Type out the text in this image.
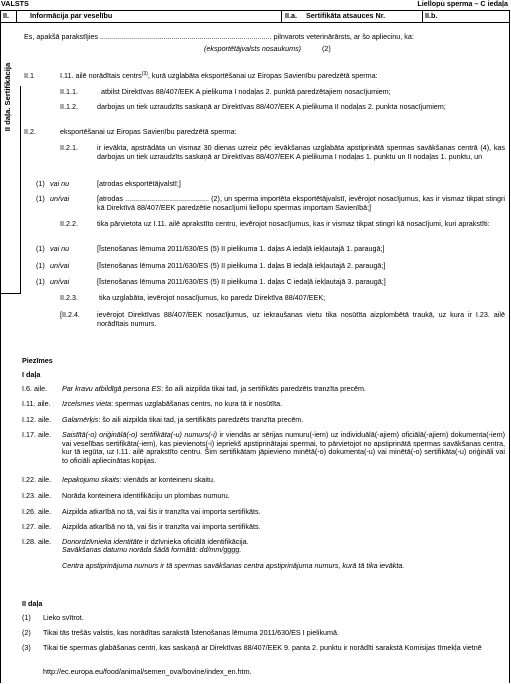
VALSTS	Liellopu sperma – C iedaļa
II.	Informācija par veselību	II.a. Sertifikāta atsauces Nr.	II.b.
II daļa. Sertifikācija
Es, apakšā parakstījies ...................................................................................... pilnvarots veterinārārsts, ar šo apliecinu, ka:
(eksportētājvalsts nosaukums)	(2)
II.1	I.11. ailē norādītais centrs$^{(3)}$, kurā uzglabāta eksportēšanai uz Eiropas Savienību paredzētā sperma:
II.1.1.	atbilst Direktīvas 88/407/EEK A pielikuma I nodaļas 2. punktā paredzētajiem nosacījumiem;
II.1.2.	darbojas un tiek uzraudzīts saskaņā ar Direktīvas 88/407/EEK A pielikuma II nodaļas 2. punkta nosacījumiem;
II.2.	eksportēšanai uz Eiropas Savienību paredzētā sperma:
II.2.1.	ir ievākta, apstrādāta un vismaz 30 dienas uzreiz pēc ievākšanas uzglabāta apstiprinātā spermas savākšanas centrā (4), kas darbojas un tiek uzraudzīts saskaņā ar Direktīvas 88/407/EEK A pielikuma I nodaļas 1. punktu un II nodaļas 1. punktu, un
(1) vai nu	[atrodas eksportētājvalstī;]
(1) un/vai	[atrodas .......................................... (2), un sperma importēta eksportētājvalstī, ievērojot nosacījumus, kas ir vismaz tikpat stingri kā Direktīvā 88/407/EEK paredzētie nosacījumi liellopu spermas importam Savienībā;]
II.2.2.	tika pārvietota uz I.11. ailē aprakstīto centru, ievērojot nosacījumus, kas ir vismaz tikpat stingri kā nosacījumi, kuri aprakstīti:
(1) vai nu	[Īstenošanas lēmuma 2011/630/ES (5) II pielikuma 1. daļas A iedaļā iekļautajā 1. paraugā;]
(1) un/vai	[Īstenošanas lēmuma 2011/630/ES (5) II pielikuma 1. daļas B iedaļā iekļautajā 2. paraugā;]
(1) un/vai	[Īstenošanas lēmuma 2011/630/ES (5) II pielikuma 1. daļas C iedaļā iekļautajā 3. paraugā;]
II.2.3.	tika uzglabāta, ievērojot nosacījumus, ko paredz Direktīva 88/407/EEK;
[II.2.4. ievērojot Direktīvas 88/407/EEK nosacījumus, uz iekraušanas vietu tika nosūtīta aizplombētā traukā, uz kura ir I.23. ailē norādītais numurs.
Piezīmes
I daļa
I.6. aile. Par kravu atbildīgā persona ES: šo aili aizpilda tikai tad, ja sertifikāts paredzēts tranzīta precēm.
I.11. aile. Izcelsmes vieta: spermas uzglabāšanas centrs, no kura tā ir nosūtīta.
I.12. aile. Galamērķis: šo aili aizpilda tikai tad, ja sertifikāts paredzēts tranzīta precēm.
I.17. aile. Saistītā(-o) oriģinālā(-o) sertifikāta(-u) numurs(-i) ir viendās ar sērijas numuru(-iem) uz individuālā(-ajiem) oficiālā(-ajiem) dokumenta(-iem) vai veselības sertifikāta(-iem), kas pievienots(-i) iepriekš apstiprinātajai spermai, to pārvietojot no apstiprinātā spermas savākšanas centra, kur tā iegūta, uz I.11. ailē aprakstīto centru. Šim sertifikātam jāpievieno minētā(-o) dokumenta(-u) vai minētā(-o) sertifikāta(-u) oriģināli vai to oficiāli apliecinātas kopijas.
I.22. aile. Iepakojumu skaits: vienāds ar konteineru skaitu.
I.23. aile. Norāda konteinera identifikāciju un plombas numuru.
I.26. aile. Aizpilda atkarībā no tā, vai šis ir tranzīta vai importa sertifikāts.
I.27. aile. Aizpilda atkarībā no tā, vai šis ir tranzīta vai importa sertifikāts.
I.28. aile. Donordzīvnieka identitāte ir dzīvnieka oficiālā identifikācija.
Savākšanas datumu norāda šādā formātā: dd/mm/gggg.
Centra apstiprinājuma numurs ir tā spermas savākšanas centra apstiprinājuma numurs, kurā tā tika ievākta.
II daļa
(1) Lieko svītrot.
(2) Tikai tās trešās valstis, kas norādītas sarakstā Īstenošanas lēmuma 2011/630/ES I pielikumā.
(3) Tikai tie spermas glabāšanas centri, kas saskaņā ar Direktīvas 88/407/EEK 9. panta 2. punktu ir norādīti sarakstā Komisijas tīmekļa vietnē
http://ec.europa.eu/food/animal/semen_ova/bovine/index_en.htm.
